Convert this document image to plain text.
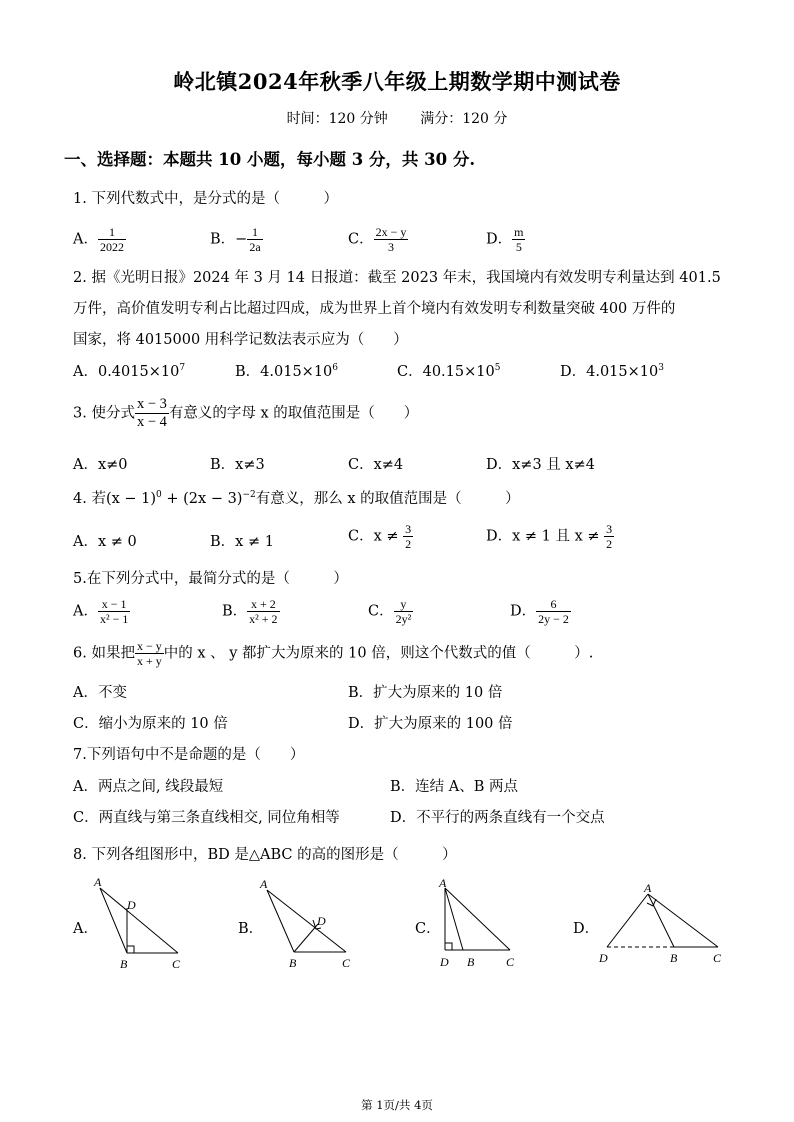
岭北镇2024年秋季八年级上期数学期中测试卷
时间：120 分钟 满分：120 分
一、选择题：本题共 10 小题，每小题 3 分，共 30 分.
1. 下列代数式中，是分式的是（　　　）
A． $\frac{1}{2022}$	B．− $\frac{1}{2a}$	C． $\frac{2x - y}{3}$	D． $\frac{m}{5}$
2. 据《光明日报》2024 年 3 月 14 日报道：截至 2023 年末，我国境内有效发明专利量达到 401.5
万件，高价值发明专利占比超过四成，成为世界上首个境内有效发明专利数量突破 400 万件的
国家，将 4015000 用科学记数法表示应为（　　）
A．$0.4015\times 10^7$	B．$4.015\times 10^6$	C．$40.15\times 10^5$	D．$4.015\times 10^3$
3. 使分式 $\frac{x - 3}{x - 4}$ 有意义的字母 x 的取值范围是（　　）
A．x≠0	B．x≠3	C．x≠4	D．x≠3 且 x≠4
4. 若$(x - 1)^0 + (2x - 3)^{-2}$有意义，那么 x 的取值范围是（　　　）
A．x ≠ 0	B．x ≠ 1	C．$x \ne \frac{3}{2}$	D．x ≠ 1 且 $x \ne \frac{3}{2}$
5.在下列分式中，最简分式的是（　　　）
A． $\frac{x - 1}{\text{x² − 1}}$	B． $\frac{x + 2}{\text{x² + 2}}$	C． $\frac{y}{\text{2y²}}$	D． $\frac{6}{2y - 2}$
6. 如果把 $\frac{x - y}{x + y}$ 中的 x 、 y 都扩大为原来的 10 倍，则这个代数式的值（　　　）.
A．不变	B．扩大为原来的 10 倍
C．缩小为原来的 10 倍	D．扩大为原来的 100 倍
7.下列语句中不是命题的是（　　）
A．两点之间, 线段最短	B．连结 A、B 两点
C．两直线与第三条直线相交, 同位角相等	D．不平行的两条直线有一个交点
8. 下列各组图形中，BD 是△ABC 的高的图形是（　　　）
A．	B．	C．	D．
A
D
B	C
A
D
B	C
A
D B	C
A
D	B	C
第 1页/共 4页
